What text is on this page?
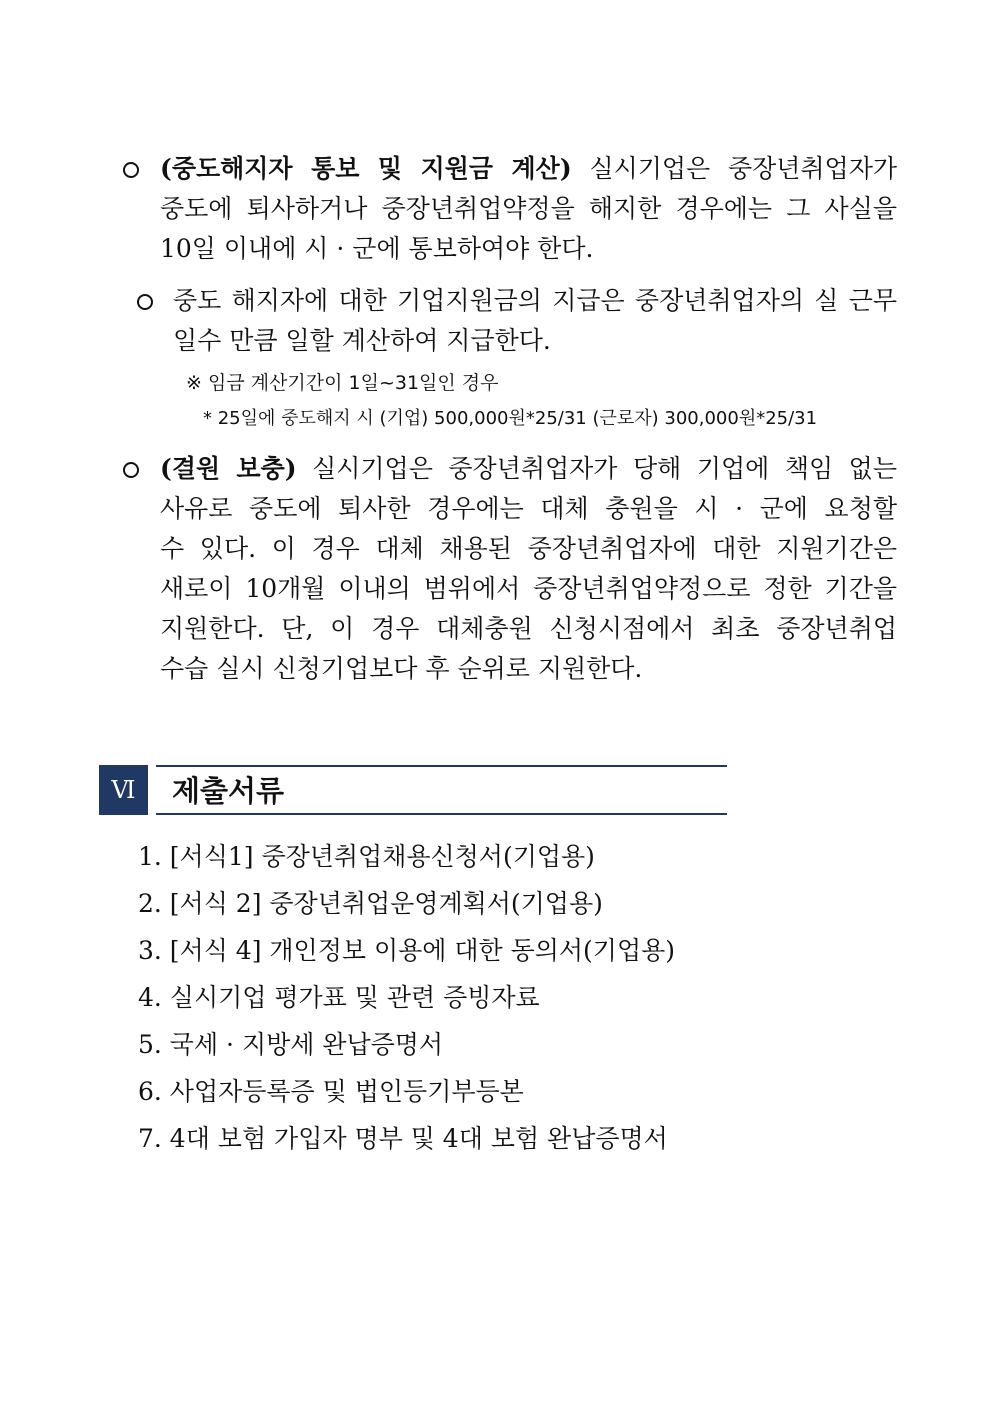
(중도해지자 통보 및 지원금 계산) 실시기업은 중장년취업자가
중도에 퇴사하거나 중장년취업약정을 해지한 경우에는 그 사실을
10일 이내에 시 · 군에 통보하여야 한다.
중도 해지자에 대한 기업지원금의 지급은 중장년취업자의 실 근무
일수 만큼 일할 계산하여 지급한다.
※ 임금 계산기간이 1일~31일인 경우
* 25일에 중도해지 시 (기업) 500,000원*25/31 (근로자) 300,000원*25/31
(결원 보충) 실시기업은 중장년취업자가 당해 기업에 책임 없는
사유로 중도에 퇴사한 경우에는 대체 충원을 시 · 군에 요청할
수 있다. 이 경우 대체 채용된 중장년취업자에 대한 지원기간은
새로이 10개월 이내의 범위에서 중장년취업약정으로 정한 기간을
지원한다. 단, 이 경우 대체충원 신청시점에서 최초 중장년취업
수습 실시 신청기업보다 후 순위로 지원한다.
Ⅵ	제출서류
1. [서식1] 중장년취업채용신청서(기업용)
2. [서식 2] 중장년취업운영계획서(기업용)
3. [서식 4] 개인정보 이용에 대한 동의서(기업용)
4. 실시기업 평가표 및 관련 증빙자료
5. 국세 · 지방세 완납증명서
6. 사업자등록증 및 법인등기부등본
7. 4대 보험 가입자 명부 및 4대 보험 완납증명서
